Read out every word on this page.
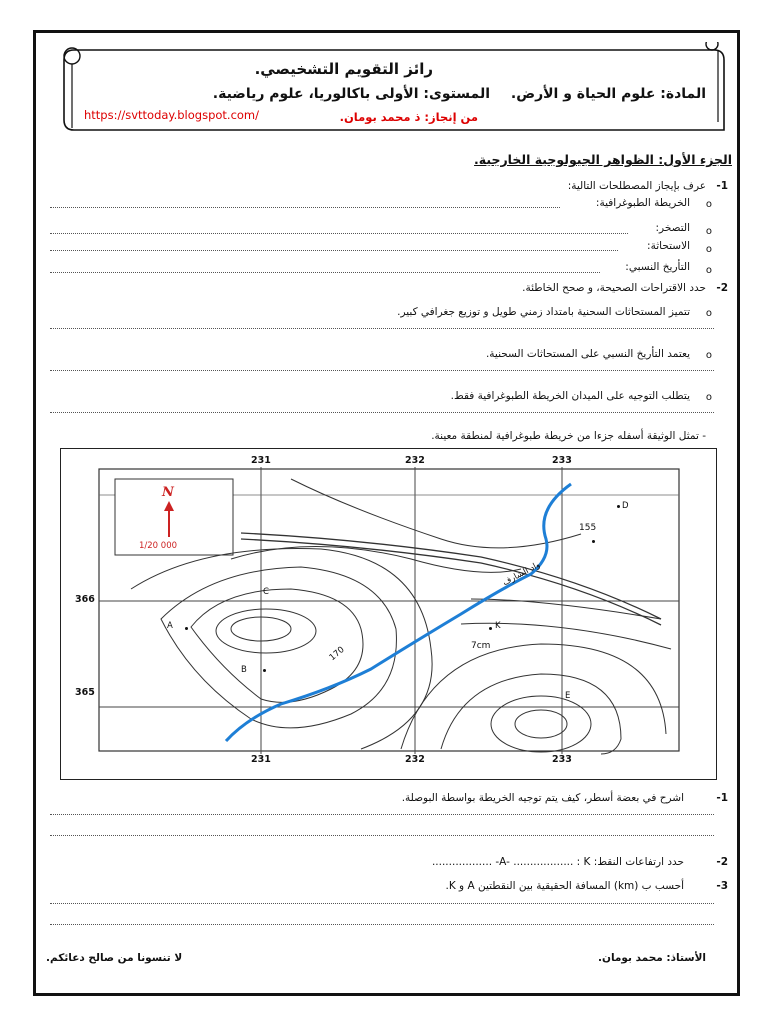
رائز التقويم التشخيصي.
المادة: علوم الحياة و الأرض.
المستوى: الأولى باكالوريا، علوم رياضية.
من إنجاز: ذ محمد بومان.
https://svttoday.blogspot.com/
الجزء الأول: الظواهر الجيولوجية الخارجية.
1-
عرف بإيجاز المصطلحات التالية:
o
الخريطة الطبوغرافية:
o
التصخر:
o
الاستحاثة:
o
التأريخ النسبي:
2-
حدد الاقتراحات الصحيحة، و صحح الخاطئة.
o
تتميز المستحاثات السحنية بامتداد زمني طويل و توزيع جغرافي كبير.
o
يعتمد التأريخ النسبي على المستحاثات السحنية.
o
يتطلب التوجيه على الميدان الخريطة الطبوغرافية فقط.
- تمثل الوثيقة أسفله جزءا من خريطة طبوغرافية لمنطقة معينة.
N
1/20 000
231	232	233
231	232	233
366
365
A
B
C
D
E
K
155
170
واد الشارف
7cm
1-
اشرح في بعضة أسطر، كيف يتم توجيه الخريطة بواسطة البوصلة.
2-
حدد ارتفاعات النقط: A- .................. : K- ..................
3-
أحسب ب (km) المسافة الحقيقية بين النقطتين A و K.
الأستاذ: محمد بومان.
لا تنسونا من صالح دعائكم.
